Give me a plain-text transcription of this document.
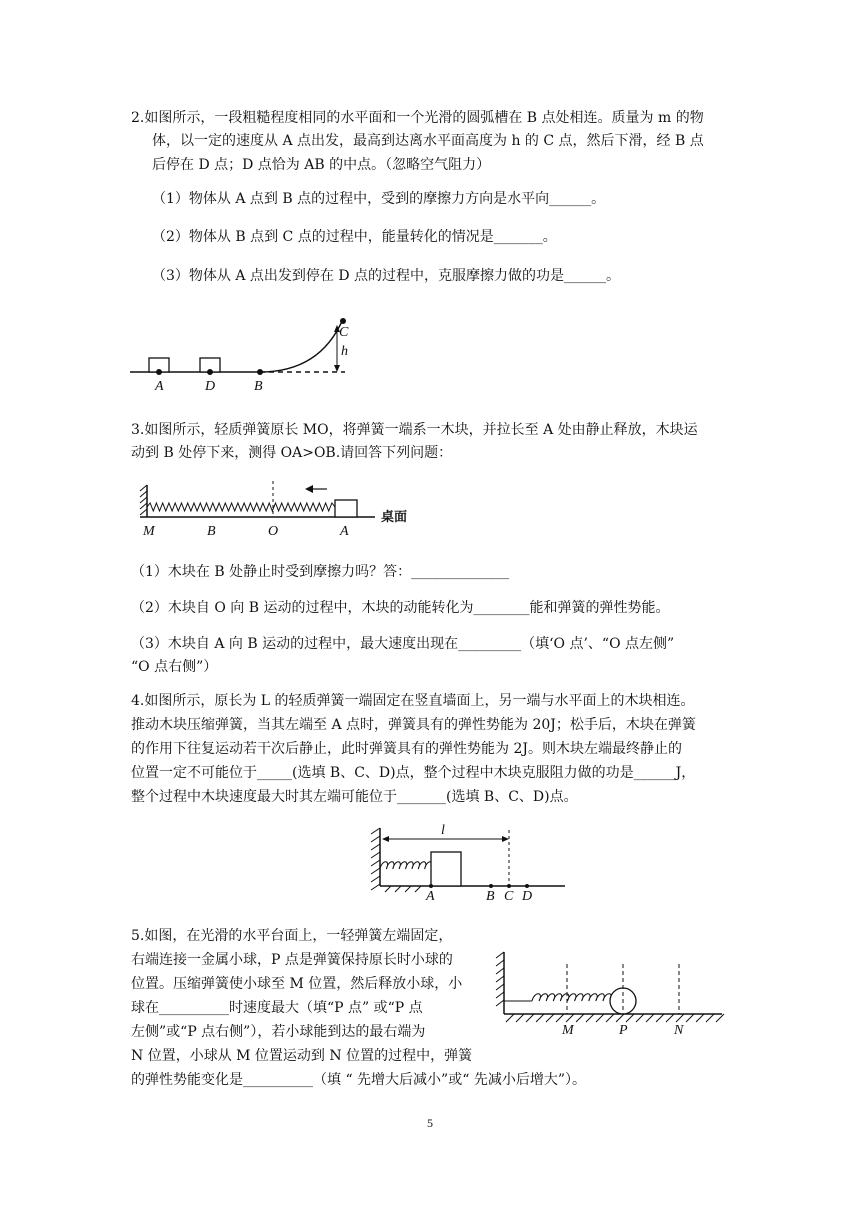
2.如图所示，一段粗糙程度相同的水平面和一个光滑的圆弧槽在 B 点处相连。质量为 m 的物
体，以一定的速度从 A 点出发，最高到达离水平面高度为 h 的 C 点，然后下滑，经 B 点
后停在 D 点；D 点恰为 AB 的中点。（忽略空气阻力）
（1）物体从 A 点到 B 点的过程中，受到的摩擦力方向是水平向______。
（2）物体从 B 点到 C 点的过程中，能量转化的情况是_______。
（3）物体从 A 点出发到停在 D 点的过程中，克服摩擦力做的功是______。
A	D	B
C
h
3.如图所示，轻质弹簧原长 MO，将弹簧一端系一木块，并拉长至 A 处由静止释放，木块运
动到 B 处停下来，测得 OA>OB.请回答下列问题：
M	B	O	A
桌面
（1）木块在 B 处静止时受到摩擦力吗？答：______________
（2）木块自 O 向 B 运动的过程中，木块的动能转化为________能和弹簧的弹性势能。
（3）木块自 A 向 B 运动的过程中，最大速度出现在_________（填‘O 点’、“O 点左侧”
“O 点右侧”）
4.如图所示，原长为 L 的轻质弹簧一端固定在竖直墙面上，另一端与水平面上的木块相连。
推动木块压缩弹簧，当其左端至 A 点时，弹簧具有的弹性势能为 20J；松手后，木块在弹簧
的作用下往复运动若干次后静止，此时弹簧具有的弹性势能为 2J。则木块左端最终静止的
位置一定不可能位于_____(选填 B、C、D)点，整个过程中木块克服阻力做的功是______J，
整个过程中木块速度最大时其左端可能位于_______(选填 B、C、D)点。
l
A	B C D
5.如图，在光滑的水平台面上，一轻弹簧左端固定，
右端连接一金属小球，P 点是弹簧保持原长时小球的
位置。压缩弹簧使小球至 M 位置，然后释放小球，小
球在__________时速度最大（填“P 点” 或“P 点
左侧”或“P 点右侧”），若小球能到达的最右端为
N 位置，小球从 M 位置运动到 N 位置的过程中，弹簧
的弹性势能变化是__________（填 “ 先增大后减小”或“ 先减小后增大”）。
M	P	N
5
